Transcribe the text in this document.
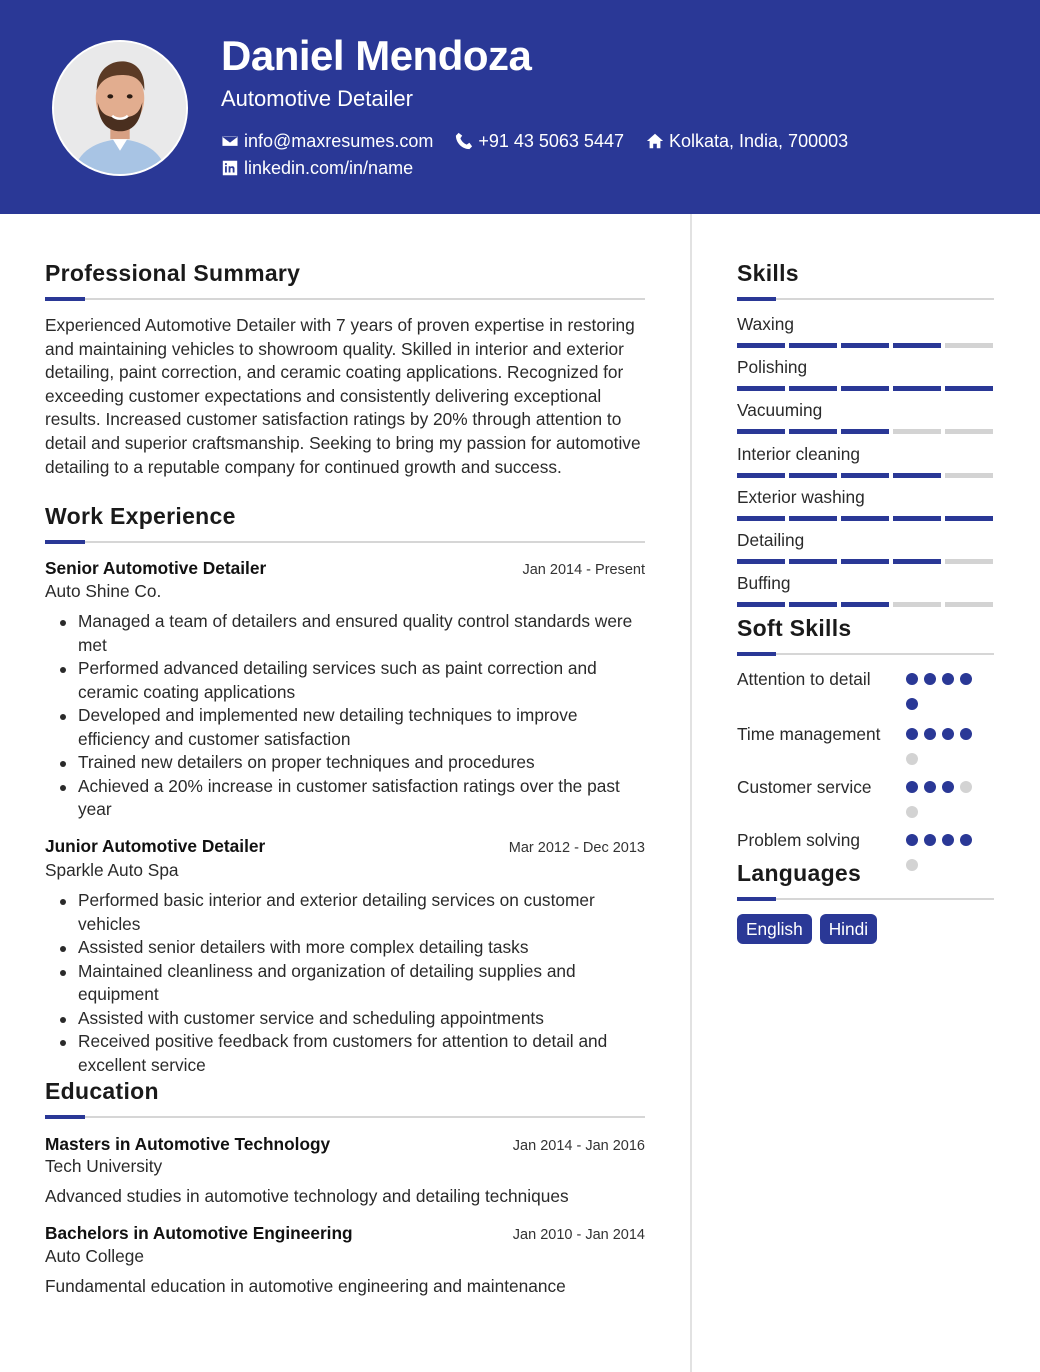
Daniel Mendoza
Automotive Detailer
info@maxresumes.com	+91 43 5063 5447	Kolkata, India, 700003
linkedin.com/in/name
Professional Summary
Experienced Automotive Detailer with 7 years of proven expertise in restoring and maintaining vehicles to showroom quality. Skilled in interior and exterior detailing, paint correction, and ceramic coating applications. Recognized for exceeding customer expectations and consistently delivering exceptional results. Increased customer satisfaction ratings by 20% through attention to detail and superior craftsmanship. Seeking to bring my passion for automotive detailing to a reputable company for continued growth and success.
Work Experience
Senior Automotive Detailer	Jan 2014 - Present
Auto Shine Co.
Managed a team of detailers and ensured quality control standards were met
Performed advanced detailing services such as paint correction and ceramic coating applications
Developed and implemented new detailing techniques to improve efficiency and customer satisfaction
Trained new detailers on proper techniques and procedures
Achieved a 20% increase in customer satisfaction ratings over the past year
Junior Automotive Detailer	Mar 2012 - Dec 2013
Sparkle Auto Spa
Performed basic interior and exterior detailing services on customer vehicles
Assisted senior detailers with more complex detailing tasks
Maintained cleanliness and organization of detailing supplies and equipment
Assisted with customer service and scheduling appointments
Received positive feedback from customers for attention to detail and excellent service
Education
Masters in Automotive Technology	Jan 2014 - Jan 2016
Tech University
Advanced studies in automotive technology and detailing techniques
Bachelors in Automotive Engineering	Jan 2010 - Jan 2014
Auto College
Fundamental education in automotive engineering and maintenance
Skills
Waxing
Polishing
Vacuuming
Interior cleaning
Exterior washing
Detailing
Buffing
Soft Skills
Attention to detail
Time management
Customer service
Problem solving
Languages
English	Hindi
